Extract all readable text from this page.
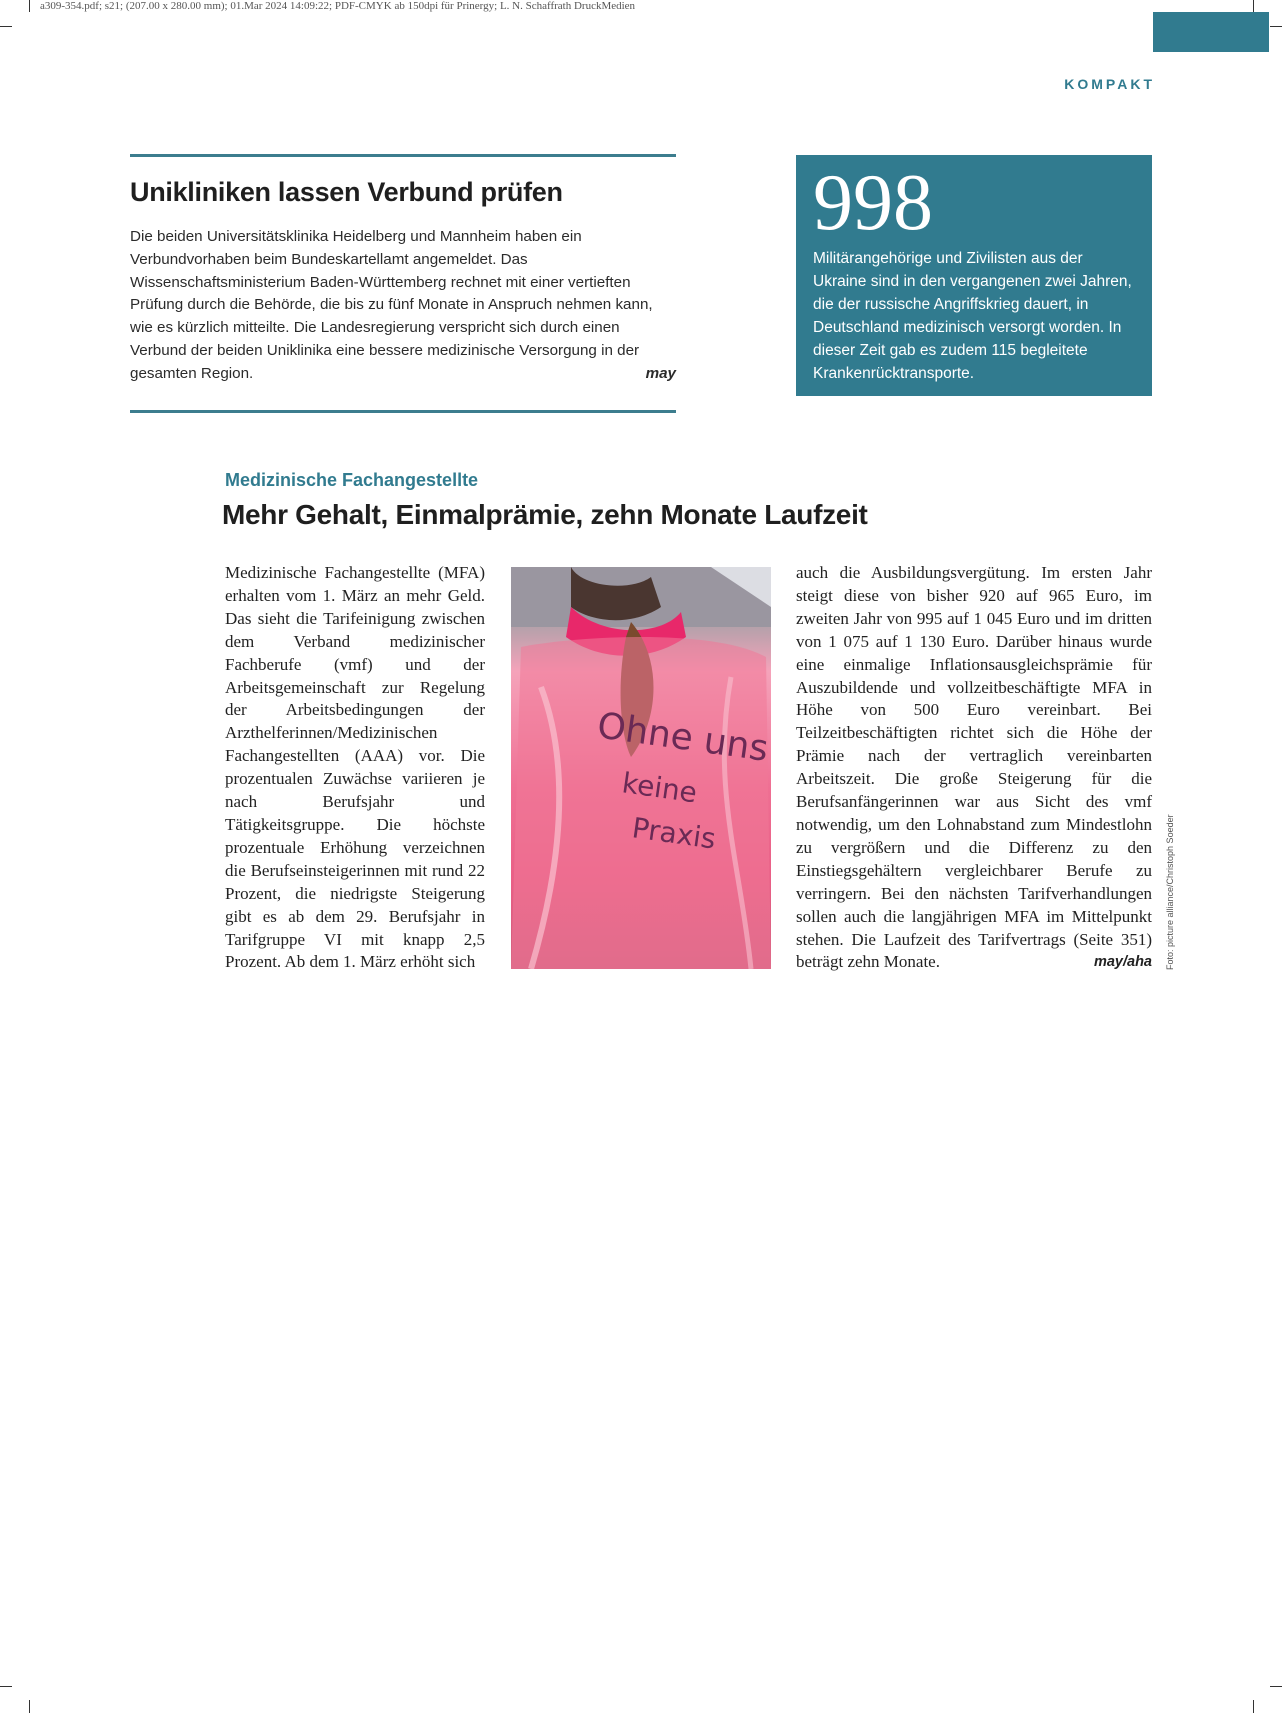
a309-354.pdf; s21; (207.00 x 280.00 mm); 01.Mar 2024 14:09:22; PDF-CMYK ab 150dpi für Prinergy; L. N. Schaffrath DruckMedien
KOMPAKT
Unikliniken lassen Verbund prüfen

Die beiden Universitätsklinika Heidelberg und Mannheim haben ein Verbundvorhaben beim Bundeskartellamt angemeldet. Das Wissenschaftsministerium Baden-Württemberg rechnet mit einer vertieften Prüfung durch die Behörde, die bis zu fünf Monate in Anspruch nehmen kann, wie es kürzlich mitteilte. Die Landesregierung verspricht sich durch einen Verbund der beiden Uniklinika eine bessere medizinische Versorgung in der gesamten Region.	may

998
Militärangehörige und Zivilisten aus der Ukraine sind in den vergangenen zwei Jahren, die der russische Angriffskrieg dauert, in Deutschland medizinisch versorgt worden. In dieser Zeit gab es zudem 115 begleitete Krankenrücktransporte.
Quelle: Bundesinnenministerium, Stand: 23. Februar 2024
Medizinische Fachangestellte
Mehr Gehalt, Einmalprämie, zehn Monate Laufzeit

Medizinische Fachangestellte (MFA) erhalten vom 1. März an mehr Geld. Das sieht die Tarifeinigung zwischen dem Verband medizinischer Fachberufe (vmf) und der Arbeitsgemeinschaft zur Regelung der Arbeitsbedingungen der Arzthelferinnen/Medizinischen Fachangestellten (AAA) vor. Die prozentualen Zuwächse variieren je nach Berufsjahr und Tätigkeitsgruppe. Die höchste prozentuale Erhöhung verzeichnen die Berufseinsteigerinnen mit rund 22 Prozent, die niedrigste Steigerung gibt es ab dem 29. Berufsjahr in Tarifgruppe VI mit knapp 2,5 Prozent. Ab dem 1. März erhöht sich

Ohne uns
keine
Praxis

auch die Ausbildungsvergütung. Im ersten Jahr steigt diese von bisher 920 auf 965 Euro, im zweiten Jahr von 995 auf 1 045 Euro und im dritten von 1 075 auf 1 130 Euro. Darüber hinaus wurde eine einmalige Inflationsausgleichsprämie für Auszubildende und vollzeitbeschäftigte MFA in Höhe von 500 Euro vereinbart. Bei Teilzeitbeschäftigten richtet sich die Höhe der Prämie nach der vertraglich vereinbarten Arbeitszeit. Die große Steigerung für die Berufsanfängerinnen war aus Sicht des vmf notwendig, um den Lohnabstand zum Mindestlohn zu vergrößern und die Differenz zu den Einstiegsgehältern vergleichbarer Berufe zu verringern. Bei den nächsten Tarifverhandlungen sollen auch die langjährigen MFA im Mittelpunkt stehen. Die Laufzeit des Tarifvertrags (Seite 351) beträgt zehn Monate.	may/aha Foto: picture alliance/Christoph Soeder
